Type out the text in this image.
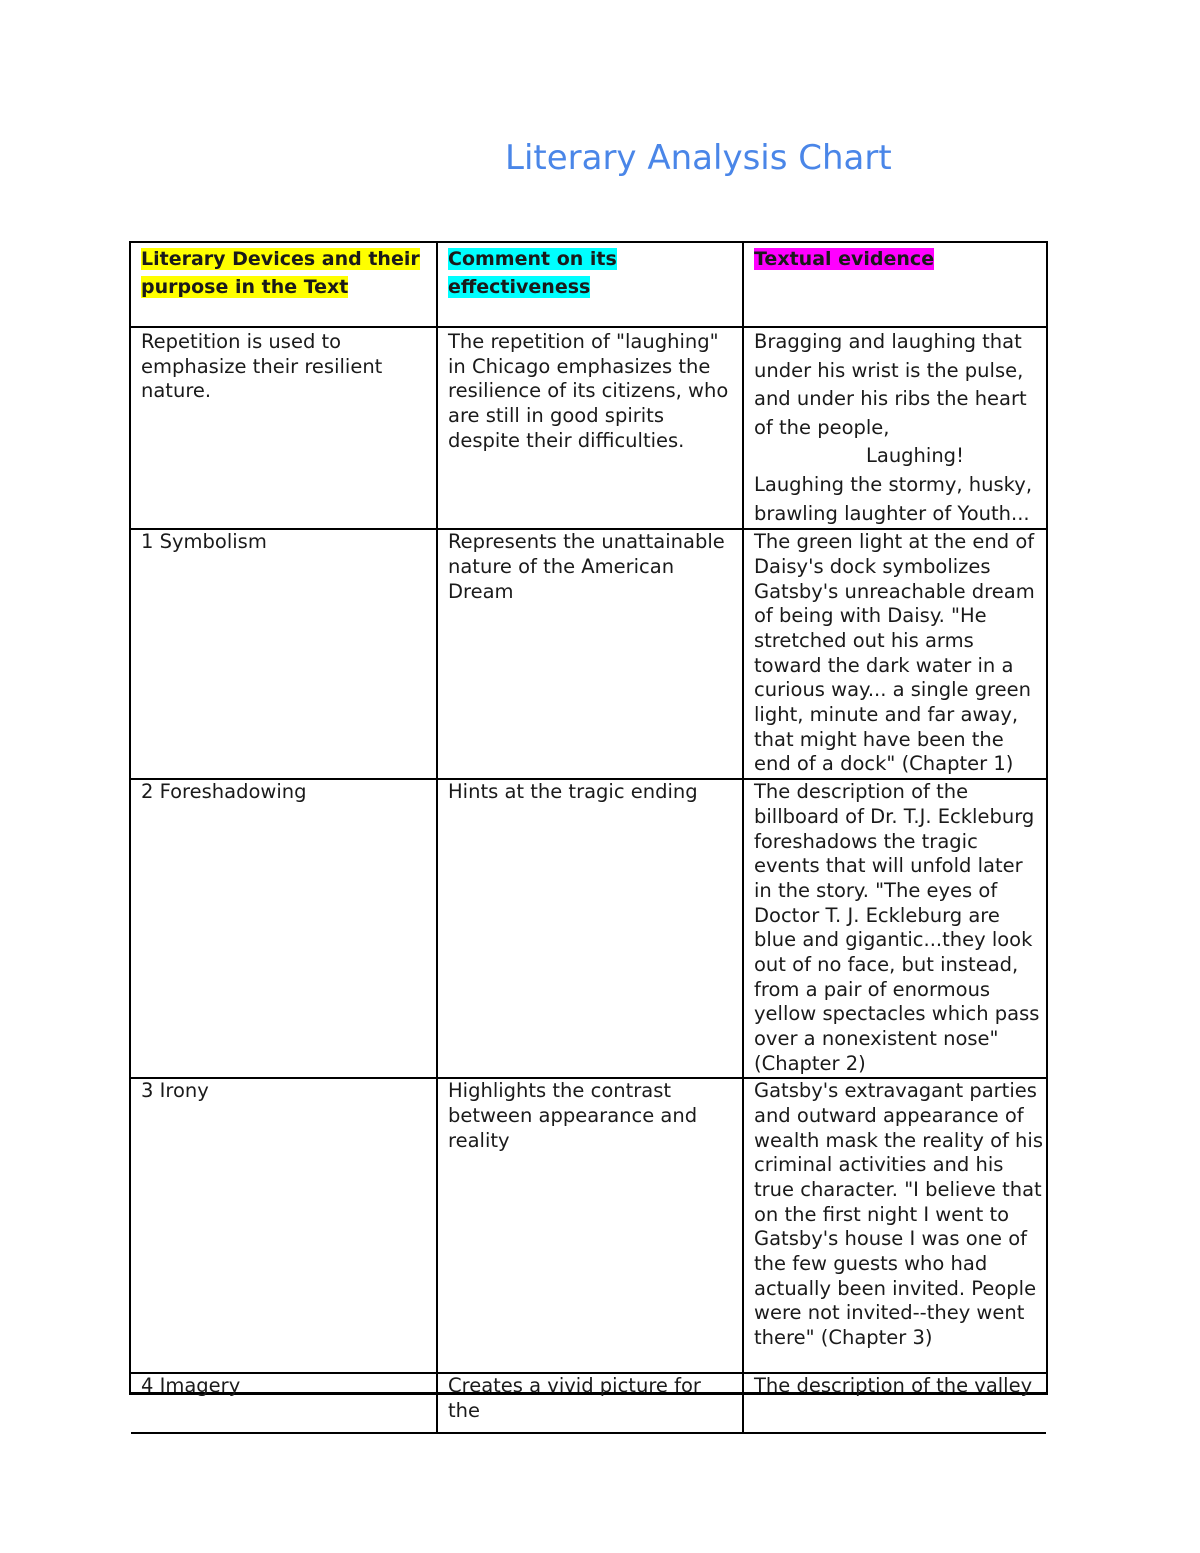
Literary Analysis Chart
Literary Devices and their purpose in the Text	Comment on its effectiveness	Textual evidence
Repetition is used to emphasize their resilient nature.	The repetition of "laughing" in Chicago emphasizes the resilience of its citizens, who are still in good spirits despite their difficulties.	Bragging and laughing that under his wrist is the pulse, and under his ribs the heart of the people,
Laughing!
Laughing the stormy, husky, brawling laughter of Youth...
1 Symbolism	Represents the unattainable nature of the American Dream	The green light at the end of Daisy's dock symbolizes Gatsby's unreachable dream of being with Daisy. "He stretched out his arms toward the dark water in a curious way... a single green light, minute and far away, that might have been the end of a dock" (Chapter 1)
2 Foreshadowing	Hints at the tragic ending	The description of the billboard of Dr. T.J. Eckleburg foreshadows the tragic events that will unfold later in the story. "The eyes of Doctor T. J. Eckleburg are blue and gigantic...they look out of no face, but instead, from a pair of enormous yellow spectacles which pass over a nonexistent nose" (Chapter 2)
3 Irony	Highlights the contrast between appearance and reality	Gatsby's extravagant parties and outward appearance of wealth mask the reality of his criminal activities and his true character. "I believe that on the first night I went to Gatsby's house I was one of the few guests who had actually been invited. People were not invited--they went there" (Chapter 3)
4 Imagery	Creates a vivid picture for the	The description of the valley
